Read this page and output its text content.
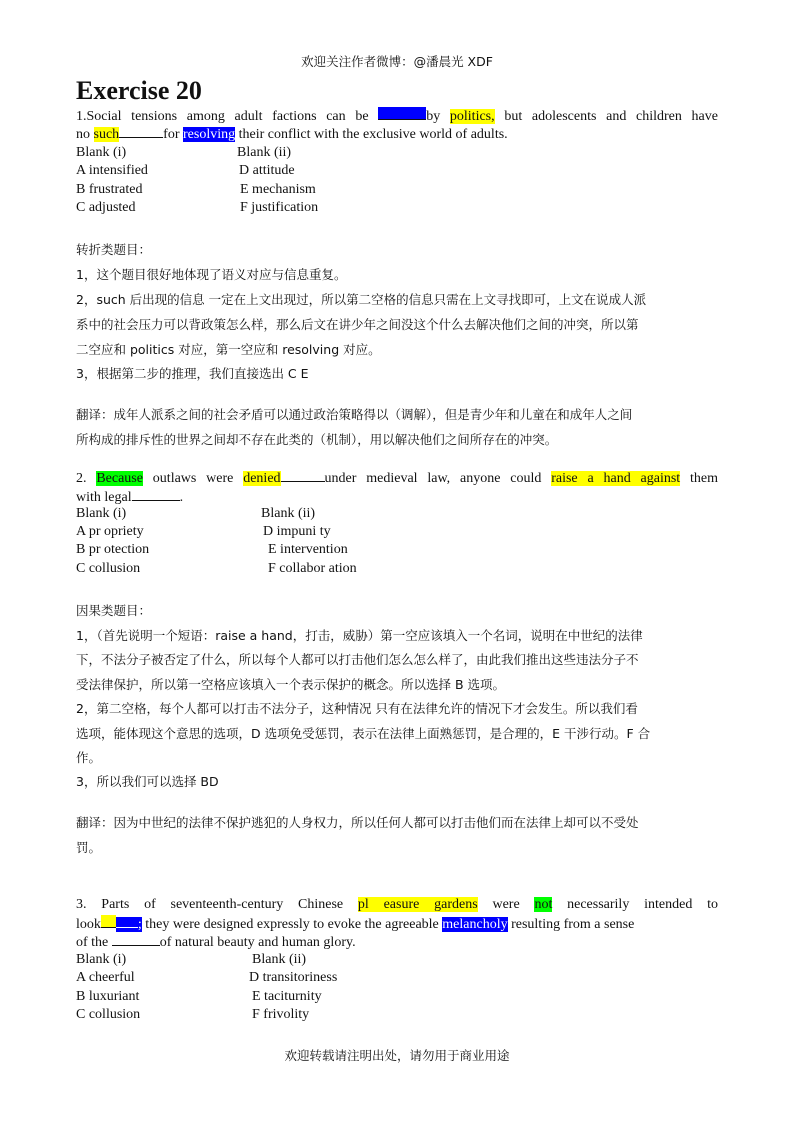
欢迎关注作者微博：@潘晨光 XDF
Exercise 20
1.Social tensions among adult factions can be	by politics, but adolescents and children have
no such	for resolving their conflict with the exclusive world of adults.
Blank (i)	Blank (ii)
A intensified	D attitude
B frustrated	E mechanism
C adjusted	F justification
转折类题目：
1，这个题目很好地体现了语义对应与信息重复。
2，such 后出现的信息 一定在上文出现过，所以第二空格的信息只需在上文寻找即可，上文在说成人派
系中的社会压力可以背政策怎么样，那么后文在讲少年之间没这个什么去解决他们之间的冲突，所以第
二空应和 politics 对应，第一空应和 resolving 对应。
3，根据第二步的推理，我们直接选出 C E
翻译：成年人派系之间的社会矛盾可以通过政治策略得以（调解），但是青少年和儿童在和成年人之间
所构成的排斥性的世界之间却不存在此类的（机制），用以解决他们之间所存在的冲突。
2. Because outlaws were denied	under medieval law, anyone could raise a hand against them
with legal	.
Blank (i)	Blank (ii)
A pr opriety	D impuni ty
B pr otection	E intervention
C collusion	F collabor ation
因果类题目：
1，（首先说明一个短语：raise a hand，打击，威胁）第一空应该填入一个名词，说明在中世纪的法律
下，不法分子被否定了什么，所以每个人都可以打击他们怎么怎么样了，由此我们推出这些违法分子不
受法律保护，所以第一空格应该填入一个表示保护的概念。所以选择 B 选项。
2，第二空格，每个人都可以打击不法分子，这种情况 只有在法律允许的情况下才会发生。所以我们看
选项，能体现这个意思的选项，D 选项免受惩罚，表示在法律上面熟惩罚，是合理的，E 干涉行动。F 合
作。
3，所以我们可以选择 BD
翻译：因为中世纪的法律不保护逃犯的人身权力，所以任何人都可以打击他们而在法律上却可以不受处
罚。
3. Parts of seventeenth-century Chinese pl easure gardens were not necessarily intended to
look	; they were designed expressly to evoke the agreeable melancholy resulting from a sense
of the	of natural beauty and human glory.
Blank (i)	Blank (ii)
A cheerful	D transitoriness
B luxuriant	E taciturnity
C collusion	F frivolity
欢迎转载请注明出处，请勿用于商业用途
